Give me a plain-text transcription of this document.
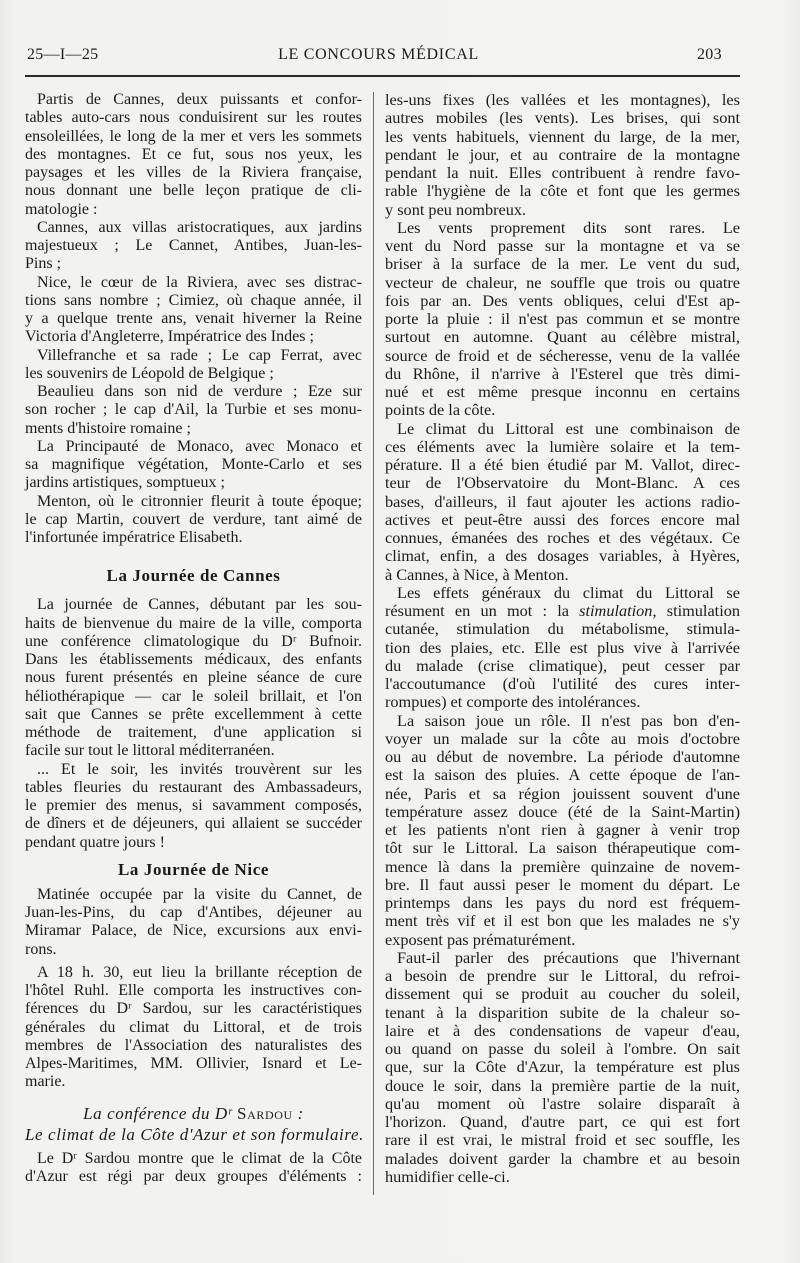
25—I—25	LE CONCOURS MÉDICAL	203
Partis de Cannes, deux puissants et confor-
tables auto-cars nous conduisirent sur les routes
ensoleillées, le long de la mer et vers les sommets
des montagnes. Et ce fut, sous nos yeux, les
paysages et les villes de la Riviera française,
nous donnant une belle leçon pratique de cli-
matologie :
Cannes, aux villas aristocratiques, aux jardins
majestueux ; Le Cannet, Antibes, Juan-les-
Pins ;
Nice, le cœur de la Riviera, avec ses distrac-
tions sans nombre ; Cimiez, où chaque année, il
y a quelque trente ans, venait hiverner la Reine
Victoria d'Angleterre, Impératrice des Indes ;
Villefranche et sa rade ; Le cap Ferrat, avec
les souvenirs de Léopold de Belgique ;
Beaulieu dans son nid de verdure ; Eze sur
son rocher ; le cap d'Ail, la Turbie et ses monu-
ments d'histoire romaine ;
La Principauté de Monaco, avec Monaco et
sa magnifique végétation, Monte-Carlo et ses
jardins artistiques, somptueux ;
Menton, où le citronnier fleurit à toute époque;
le cap Martin, couvert de verdure, tant aimé de
l'infortunée impératrice Elisabeth.
La Journée de Cannes
La journée de Cannes, débutant par les sou-
haits de bienvenue du maire de la ville, comporta
une conférence climatologique du Dʳ Bufnoir.
Dans les établissements médicaux, des enfants
nous furent présentés en pleine séance de cure
héliothérapique — car le soleil brillait, et l'on
sait que Cannes se prête excellemment à cette
méthode de traitement, d'une application si
facile sur tout le littoral méditerranéen.
... Et le soir, les invités trouvèrent sur les
tables fleuries du restaurant des Ambassadeurs,
le premier des menus, si savamment composés,
de dîners et de déjeuners, qui allaient se succéder
pendant quatre jours !
La Journée de Nice
Matinée occupée par la visite du Cannet, de
Juan-les-Pins, du cap d'Antibes, déjeuner au
Miramar Palace, de Nice, excursions aux envi-
rons.
A 18 h. 30, eut lieu la brillante réception de
l'hôtel Ruhl. Elle comporta les instructives con-
férences du Dʳ Sardou, sur les caractéristiques
générales du climat du Littoral, et de trois
membres de l'Association des naturalistes des
Alpes-Maritimes, MM. Ollivier, Isnard et Le-
marie.
La conférence du Dʳ Sardou :
Le climat de la Côte d'Azur et son formulaire.
Le Dʳ Sardou montre que le climat de la Côte
d'Azur est régi par deux groupes d'éléments :
les-uns fixes (les vallées et les montagnes), les
autres mobiles (les vents). Les brises, qui sont
les vents habituels, viennent du large, de la mer,
pendant le jour, et au contraire de la montagne
pendant la nuit. Elles contribuent à rendre favo-
rable l'hygiène de la côte et font que les germes
y sont peu nombreux.
Les vents proprement dits sont rares. Le
vent du Nord passe sur la montagne et va se
briser à la surface de la mer. Le vent du sud,
vecteur de chaleur, ne souffle que trois ou quatre
fois par an. Des vents obliques, celui d'Est ap-
porte la pluie : il n'est pas commun et se montre
surtout en automne. Quant au célèbre mistral,
source de froid et de sécheresse, venu de la vallée
du Rhône, il n'arrive à l'Esterel que très dimi-
nué et est même presque inconnu en certains
points de la côte.
Le climat du Littoral est une combinaison de
ces éléments avec la lumière solaire et la tem-
pérature. Il a été bien étudié par M. Vallot, direc-
teur de l'Observatoire du Mont-Blanc. A ces
bases, d'ailleurs, il faut ajouter les actions radio-
actives et peut-être aussi des forces encore mal
connues, émanées des roches et des végétaux. Ce
climat, enfin, a des dosages variables, à Hyères,
à Cannes, à Nice, à Menton.
Les effets généraux du climat du Littoral se
résument en un mot : la stimulation, stimulation
cutanée, stimulation du métabolisme, stimula-
tion des plaies, etc. Elle est plus vive à l'arrivée
du malade (crise climatique), peut cesser par
l'accoutumance (d'où l'utilité des cures inter-
rompues) et comporte des intolérances.
La saison joue un rôle. Il n'est pas bon d'en-
voyer un malade sur la côte au mois d'octobre
ou au début de novembre. La période d'automne
est la saison des pluies. A cette époque de l'an-
née, Paris et sa région jouissent souvent d'une
température assez douce (été de la Saint-Martin)
et les patients n'ont rien à gagner à venir trop
tôt sur le Littoral. La saison thérapeutique com-
mence là dans la première quinzaine de novem-
bre. Il faut aussi peser le moment du départ. Le
printemps dans les pays du nord est fréquem-
ment très vif et il est bon que les malades ne s'y
exposent pas prématurément.
Faut-il parler des précautions que l'hivernant
a besoin de prendre sur le Littoral, du refroi-
dissement qui se produit au coucher du soleil,
tenant à la disparition subite de la chaleur so-
laire et à des condensations de vapeur d'eau,
ou quand on passe du soleil à l'ombre. On sait
que, sur la Côte d'Azur, la température est plus
douce le soir, dans la première partie de la nuit,
qu'au moment où l'astre solaire disparaît à
l'horizon. Quand, d'autre part, ce qui est fort
rare il est vrai, le mistral froid et sec souffle, les
malades doivent garder la chambre et au besoin
humidifier celle-ci.
